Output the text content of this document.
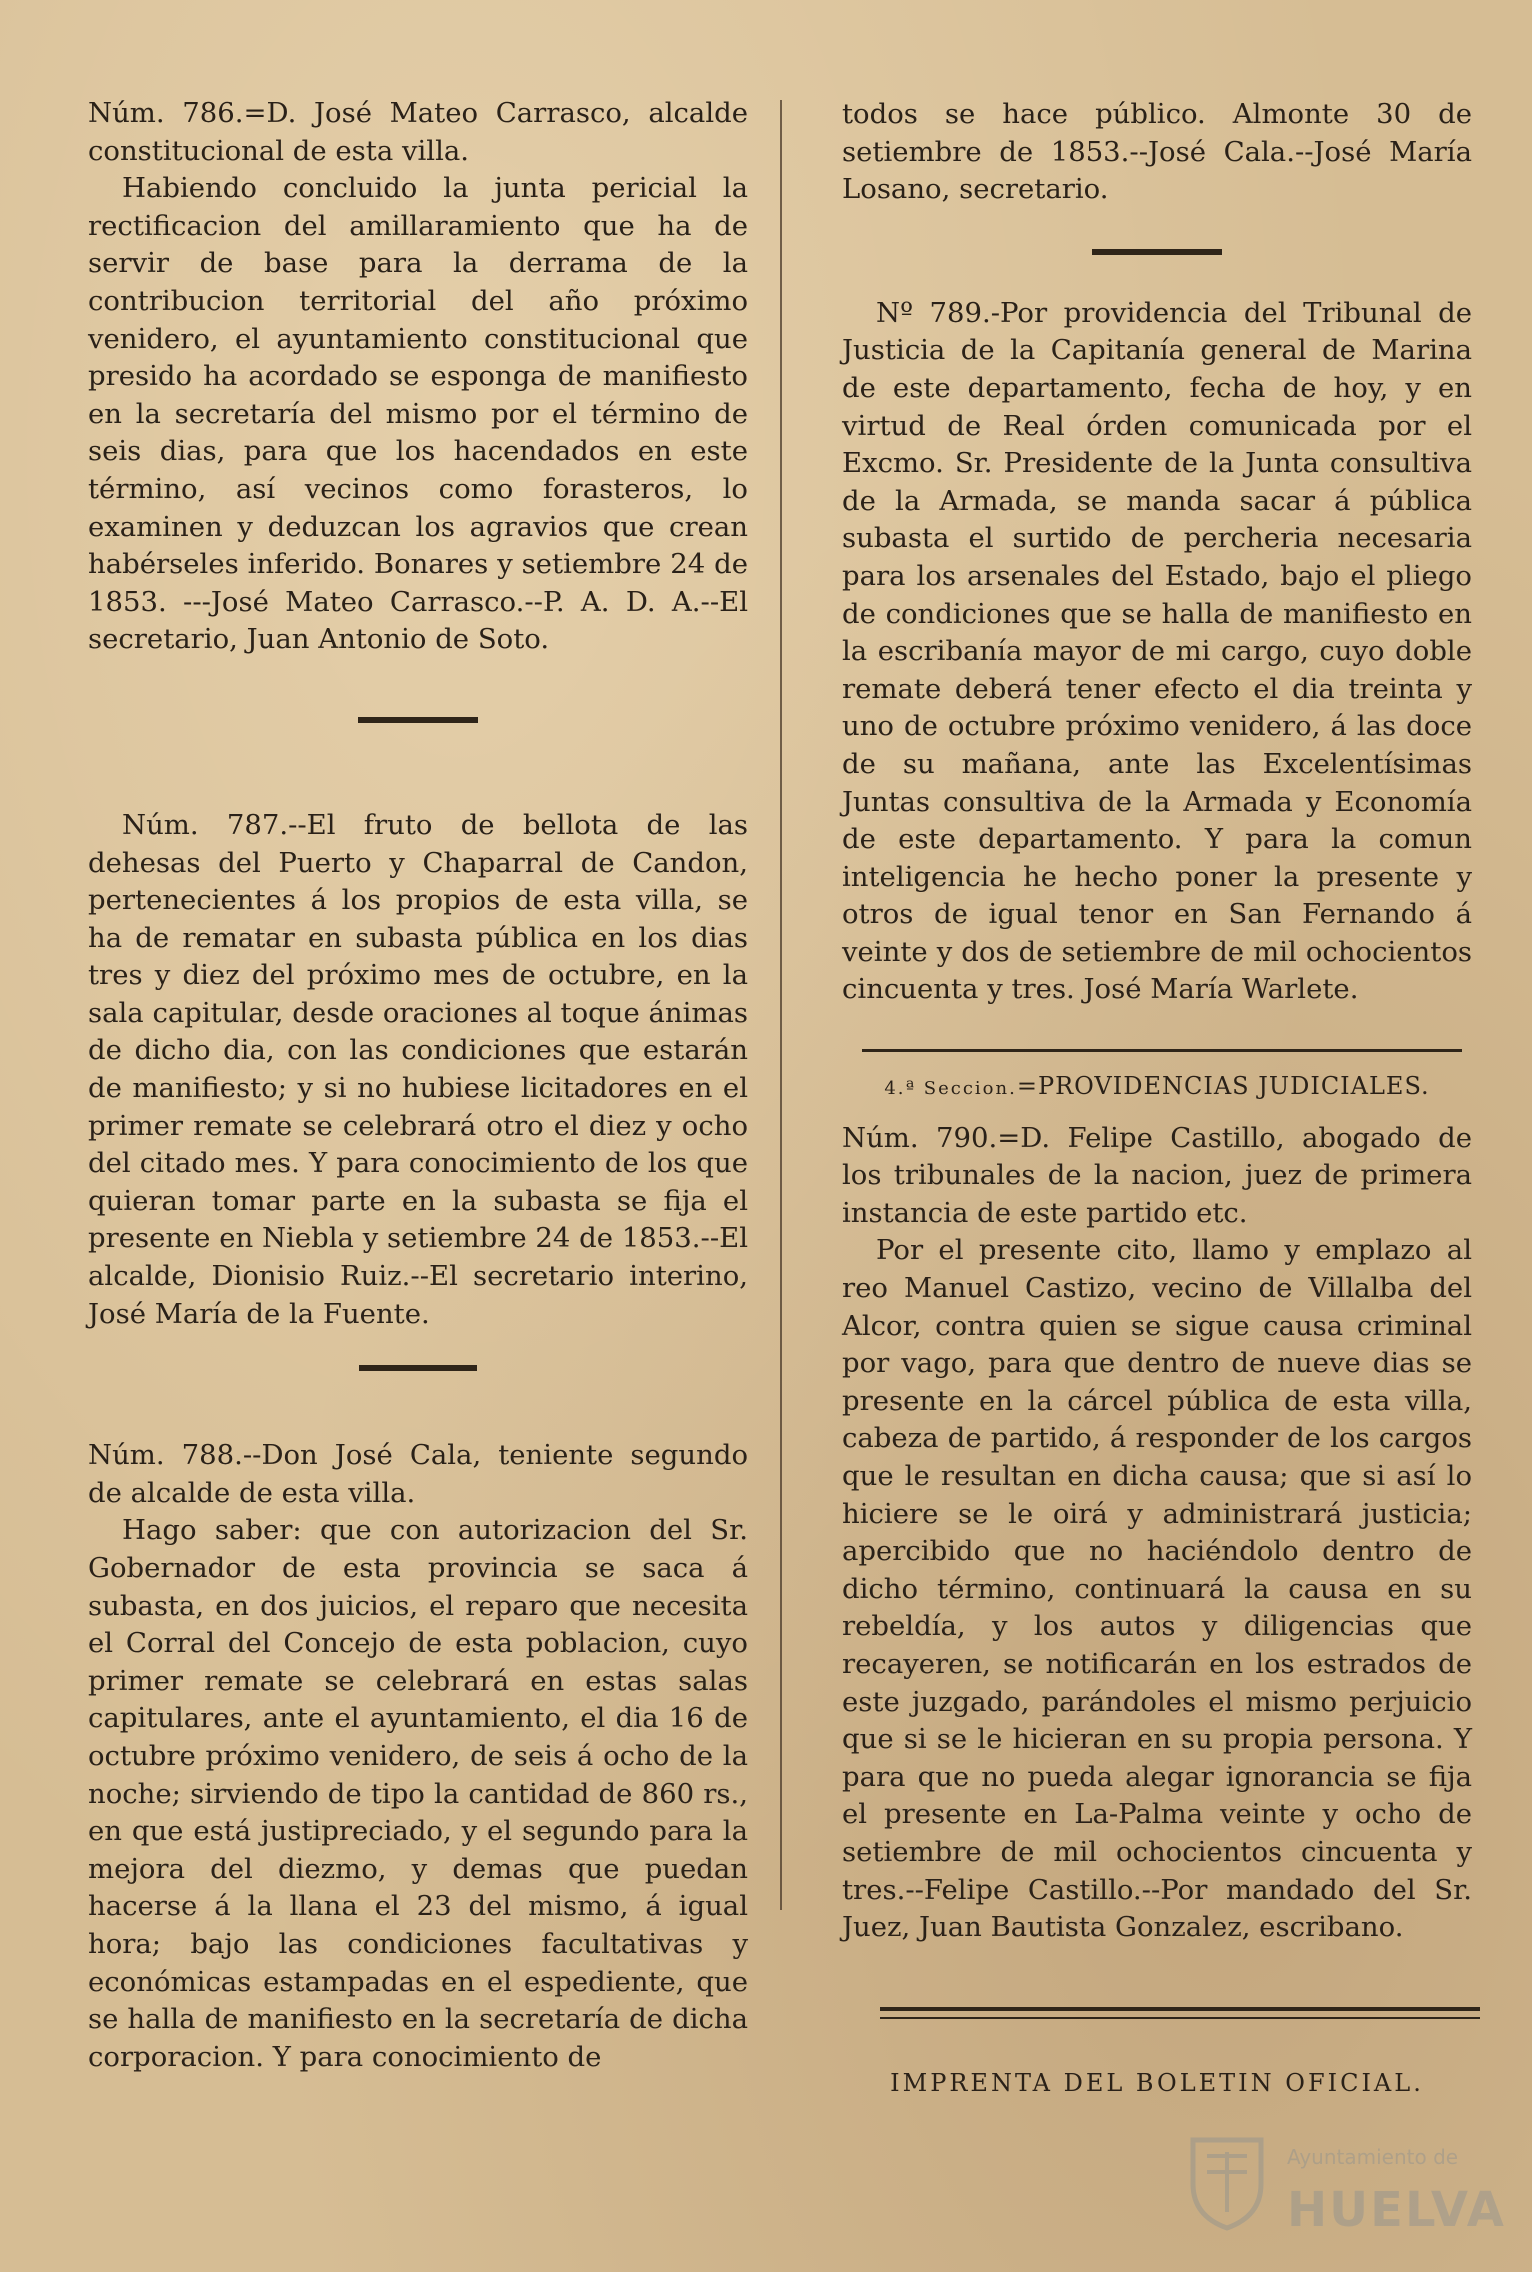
Núm. 786.=D. José Mateo Carrasco, alcalde constitucional de esta villa.

Habiendo concluido la junta pericial la rectificacion del amillaramiento que ha de servir de base para la derrama de la contribucion territorial del año próximo venidero, el ayuntamiento constitucional que presido ha acordado se esponga de manifiesto en la secretaría del mismo por el término de seis dias, para que los hacendados en este término, así vecinos como forasteros, lo examinen y deduzcan los agravios que crean habérseles inferido. Bonares y setiembre 24 de 1853. ---José Mateo Carrasco.--P. A. D. A.--El secretario, Juan Antonio de Soto.

Núm. 787.--El fruto de bellota de las dehesas del Puerto y Chaparral de Candon, pertenecientes á los propios de esta villa, se ha de rematar en subasta pública en los dias tres y diez del próximo mes de octubre, en la sala capitular, desde oraciones al toque ánimas de dicho dia, con las condiciones que estarán de manifiesto; y si no hubiese licitadores en el primer remate se celebrará otro el diez y ocho del citado mes. Y para conocimiento de los que quieran tomar parte en la subasta se fija el presente en Niebla y setiembre 24 de 1853.--El alcalde, Dionisio Ruiz.--El secretario interino, José María de la Fuente.

Núm. 788.--Don José Cala, teniente segundo de alcalde de esta villa.

Hago saber: que con autorizacion del Sr. Gobernador de esta provincia se saca á subasta, en dos juicios, el reparo que necesita el Corral del Concejo de esta poblacion, cuyo primer remate se celebrará en estas salas capitulares, ante el ayuntamiento, el dia 16 de octubre próximo venidero, de seis á ocho de la noche; sirviendo de tipo la cantidad de 860 rs., en que está justipreciado, y el segundo para la mejora del diezmo, y demas que puedan hacerse á la llana el 23 del mismo, á igual hora; bajo las condiciones facultativas y económicas estampadas en el espediente, que se halla de manifiesto en la secretaría de dicha corporacion. Y para conocimiento de

todos se hace público. Almonte 30 de setiembre de 1853.--José Cala.--José María Losano, secretario.

Nº 789.-Por providencia del Tribunal de Justicia de la Capitanía general de Marina de este departamento, fecha de hoy, y en virtud de Real órden comunicada por el Excmo. Sr. Presidente de la Junta consultiva de la Armada, se manda sacar á pública subasta el surtido de percheria necesaria para los arsenales del Estado, bajo el pliego de condiciones que se halla de manifiesto en la escribanía mayor de mi cargo, cuyo doble remate deberá tener efecto el dia treinta y uno de octubre próximo venidero, á las doce de su mañana, ante las Excelentísimas Juntas consultiva de la Armada y Economía de este departamento. Y para la comun inteligencia he hecho poner la presente y otros de igual tenor en San Fernando á veinte y dos de setiembre de mil ochocientos cincuenta y tres. José María Warlete.

4.ª Seccion.=PROVIDENCIAS JUDICIALES.

Núm. 790.=D. Felipe Castillo, abogado de los tribunales de la nacion, juez de primera instancia de este partido etc.

Por el presente cito, llamo y emplazo al reo Manuel Castizo, vecino de Villalba del Alcor, contra quien se sigue causa criminal por vago, para que dentro de nueve dias se presente en la cárcel pública de esta villa, cabeza de partido, á responder de los cargos que le resultan en dicha causa; que si así lo hiciere se le oirá y administrará justicia; apercibido que no haciéndolo dentro de dicho término, continuará la causa en su rebeldía, y los autos y diligencias que recayeren, se notificarán en los estrados de este juzgado, parándoles el mismo perjuicio que si se le hicieran en su propia persona. Y para que no pueda alegar ignorancia se fija el presente en La-Palma veinte y ocho de setiembre de mil ochocientos cincuenta y tres.--Felipe Castillo.--Por mandado del Sr. Juez, Juan Bautista Gonzalez, escribano.

IMPRENTA DEL BOLETIN OFICIAL.

Ayuntamiento de
HUELVA
